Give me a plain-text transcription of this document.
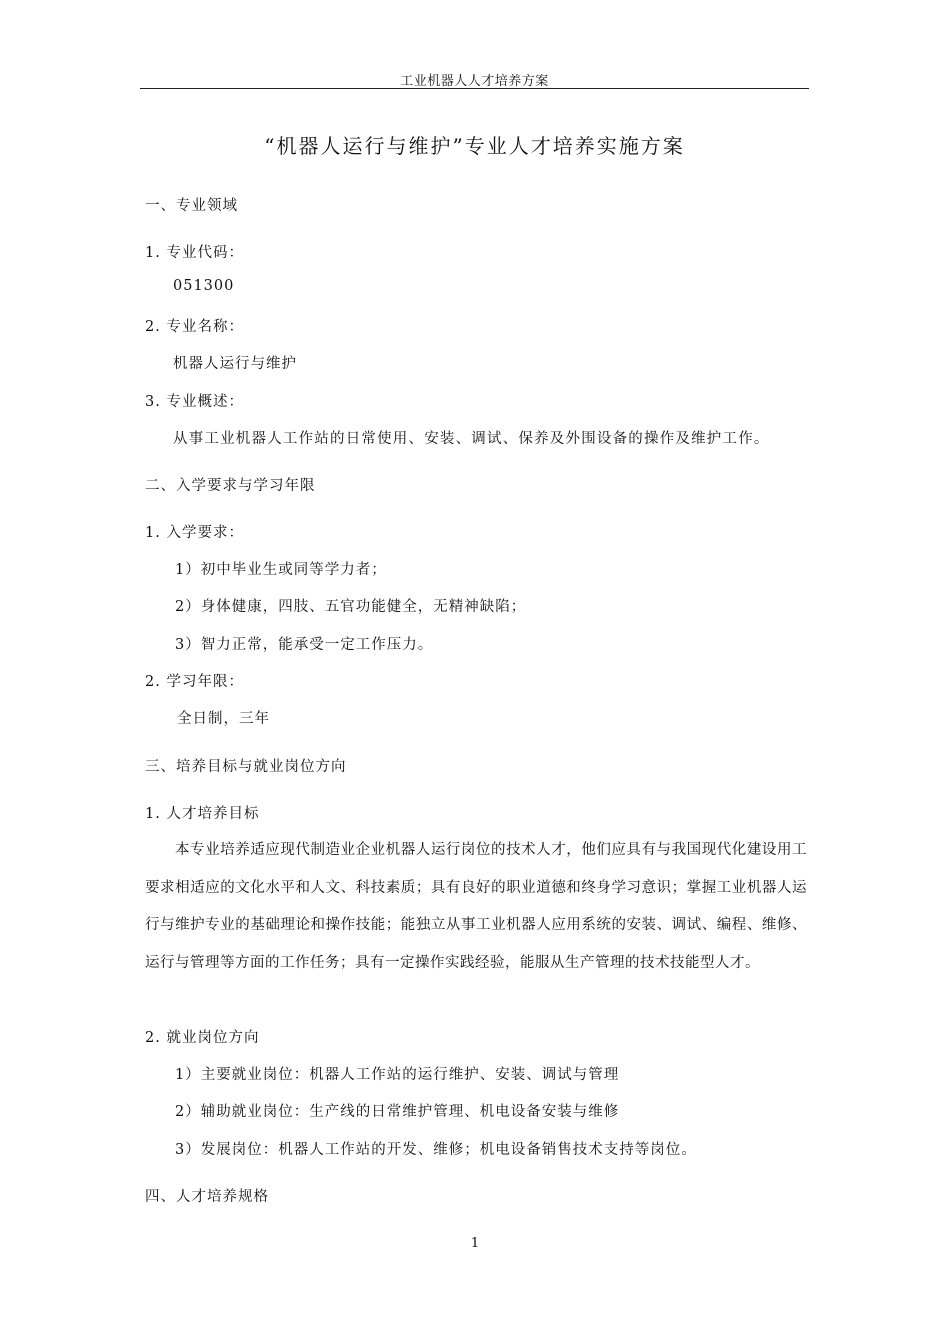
工业机器人人才培养方案
“机器人运行与维护”专业人才培养实施方案
一、专业领域
1. 专业代码：
051300
2. 专业名称：
机器人运行与维护
3. 专业概述：
从事工业机器人工作站的日常使用、安装、调试、保养及外围设备的操作及维护工作。
二、入学要求与学习年限
1. 入学要求：
1）初中毕业生或同等学力者；
2）身体健康，四肢、五官功能健全，无精神缺陷；
3）智力正常，能承受一定工作压力。
2. 学习年限：
全日制，三年
三、培养目标与就业岗位方向
1. 人才培养目标
本专业培养适应现代制造业企业机器人运行岗位的技术人才，他们应具有与我国现代化建设用工要求相适应的文化水平和人文、科技素质；具有良好的职业道德和终身学习意识；掌握工业机器人运行与维护专业的基础理论和操作技能；能独立从事工业机器人应用系统的安装、调试、编程、维修、运行与管理等方面的工作任务；具有一定操作实践经验，能服从生产管理的技术技能型人才。
2. 就业岗位方向
1）主要就业岗位：机器人工作站的运行维护、安装、调试与管理
2）辅助就业岗位：生产线的日常维护管理、机电设备安装与维修
3）发展岗位：机器人工作站的开发、维修；机电设备销售技术支持等岗位。
四、人才培养规格
1
